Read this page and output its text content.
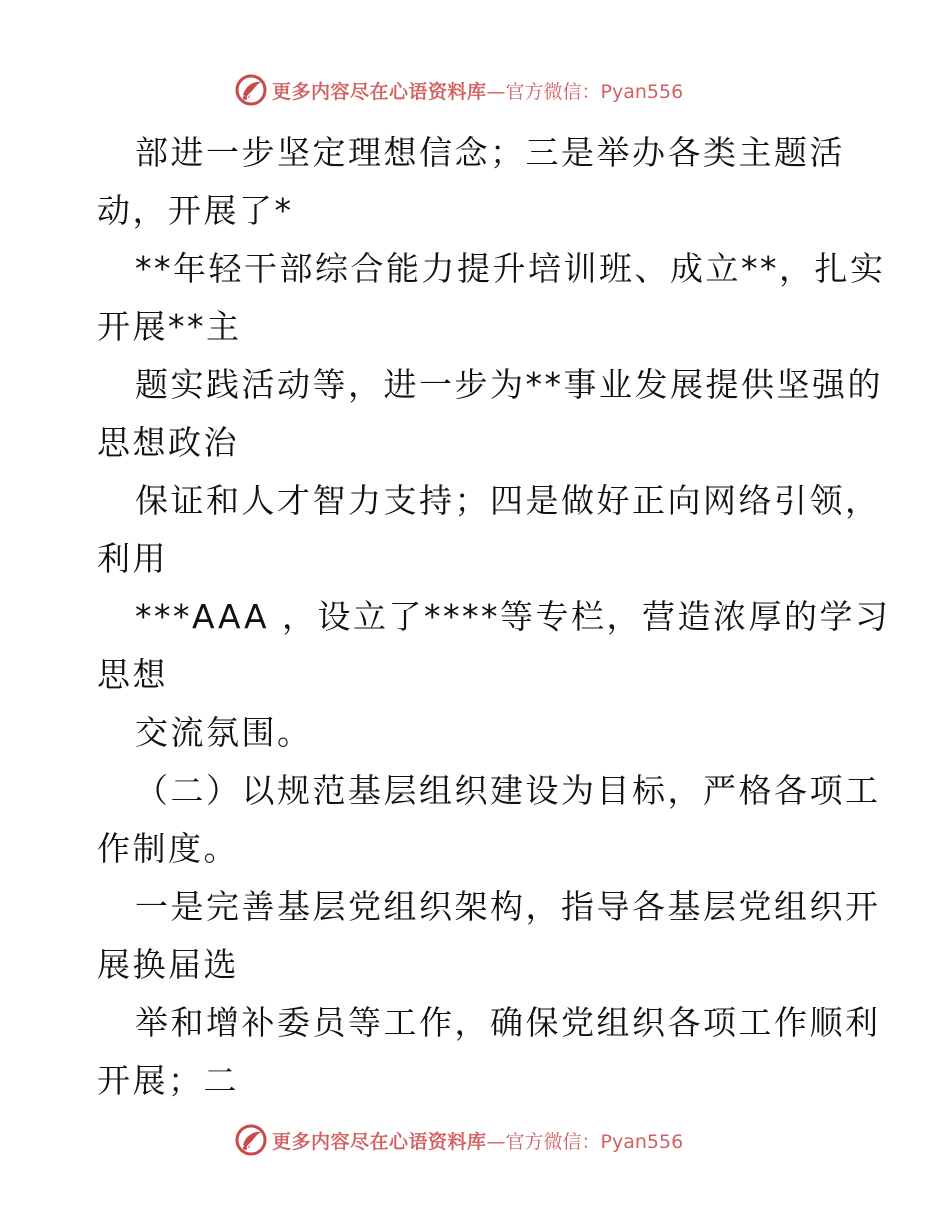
更多内容尽在心语资料库 —官方微信：Pyan556
部进一步坚定理想信念；三是举办各类主题活
动，开展了*
**年轻干部综合能力提升培训班、成立**，扎实
开展**主
题实践活动等，进一步为**事业发展提供坚强的
思想政治
保证和人才智力支持；四是做好正向网络引领，
利用
***AAA ，设立了****等专栏，营造浓厚的学习
思想
交流氛围。
（二）以规范基层组织建设为目标，严格各项工
作制度。
一是完善基层党组织架构，指导各基层党组织开
展换届选
举和增补委员等工作，确保党组织各项工作顺利
开展；二
更多内容尽在心语资料库 —官方微信：Pyan556
